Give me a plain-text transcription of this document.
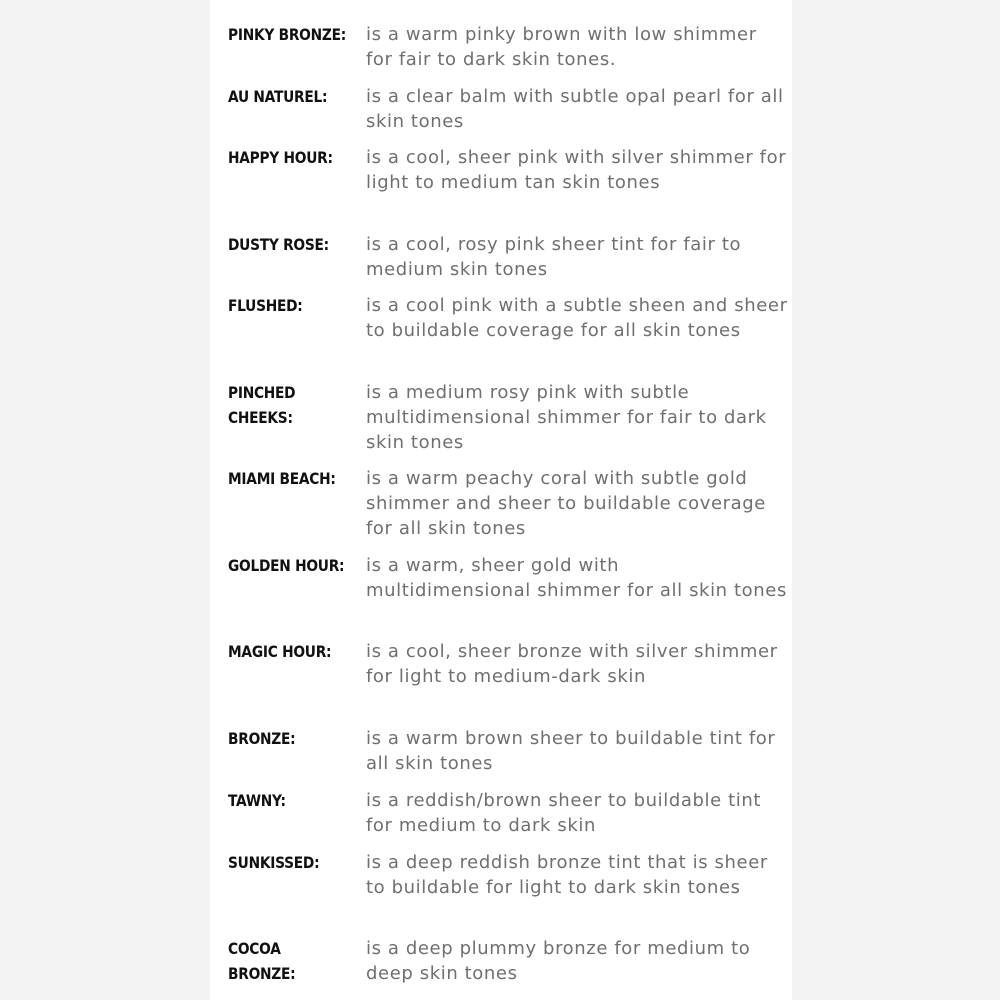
PINKY BRONZE: is a warm pinky brown with low shimmer for fair to dark skin tones.
AU NATUREL:	is a clear balm with subtle opal pearl for all skin tones
HAPPY HOUR:	is a cool, sheer pink with silver shimmer for light to medium tan skin tones
DUSTY ROSE:	is a cool, rosy pink sheer tint for fair to medium skin tones
FLUSHED:	is a cool pink with a subtle sheen and sheer to buildable coverage for all skin tones
PINCHED
CHEEKS:
is a medium rosy pink with subtle multidimensional shimmer for fair to dark skin tones
MIAMI BEACH:	is a warm peachy coral with subtle gold shimmer and sheer to buildable coverage for all skin tones
GOLDEN HOUR: is a warm, sheer gold with multidimensional shimmer for all skin tones
MAGIC HOUR:	is a cool, sheer bronze with silver shimmer for light to medium-dark skin
BRONZE:	is a warm brown sheer to buildable tint for all skin tones
TAWNY:	is a reddish/brown sheer to buildable tint for medium to dark skin
SUNKISSED:	is a deep reddish bronze tint that is sheer to buildable for light to dark skin tones
COCOA
BRONZE:
is a deep plummy bronze for medium to deep skin tones
